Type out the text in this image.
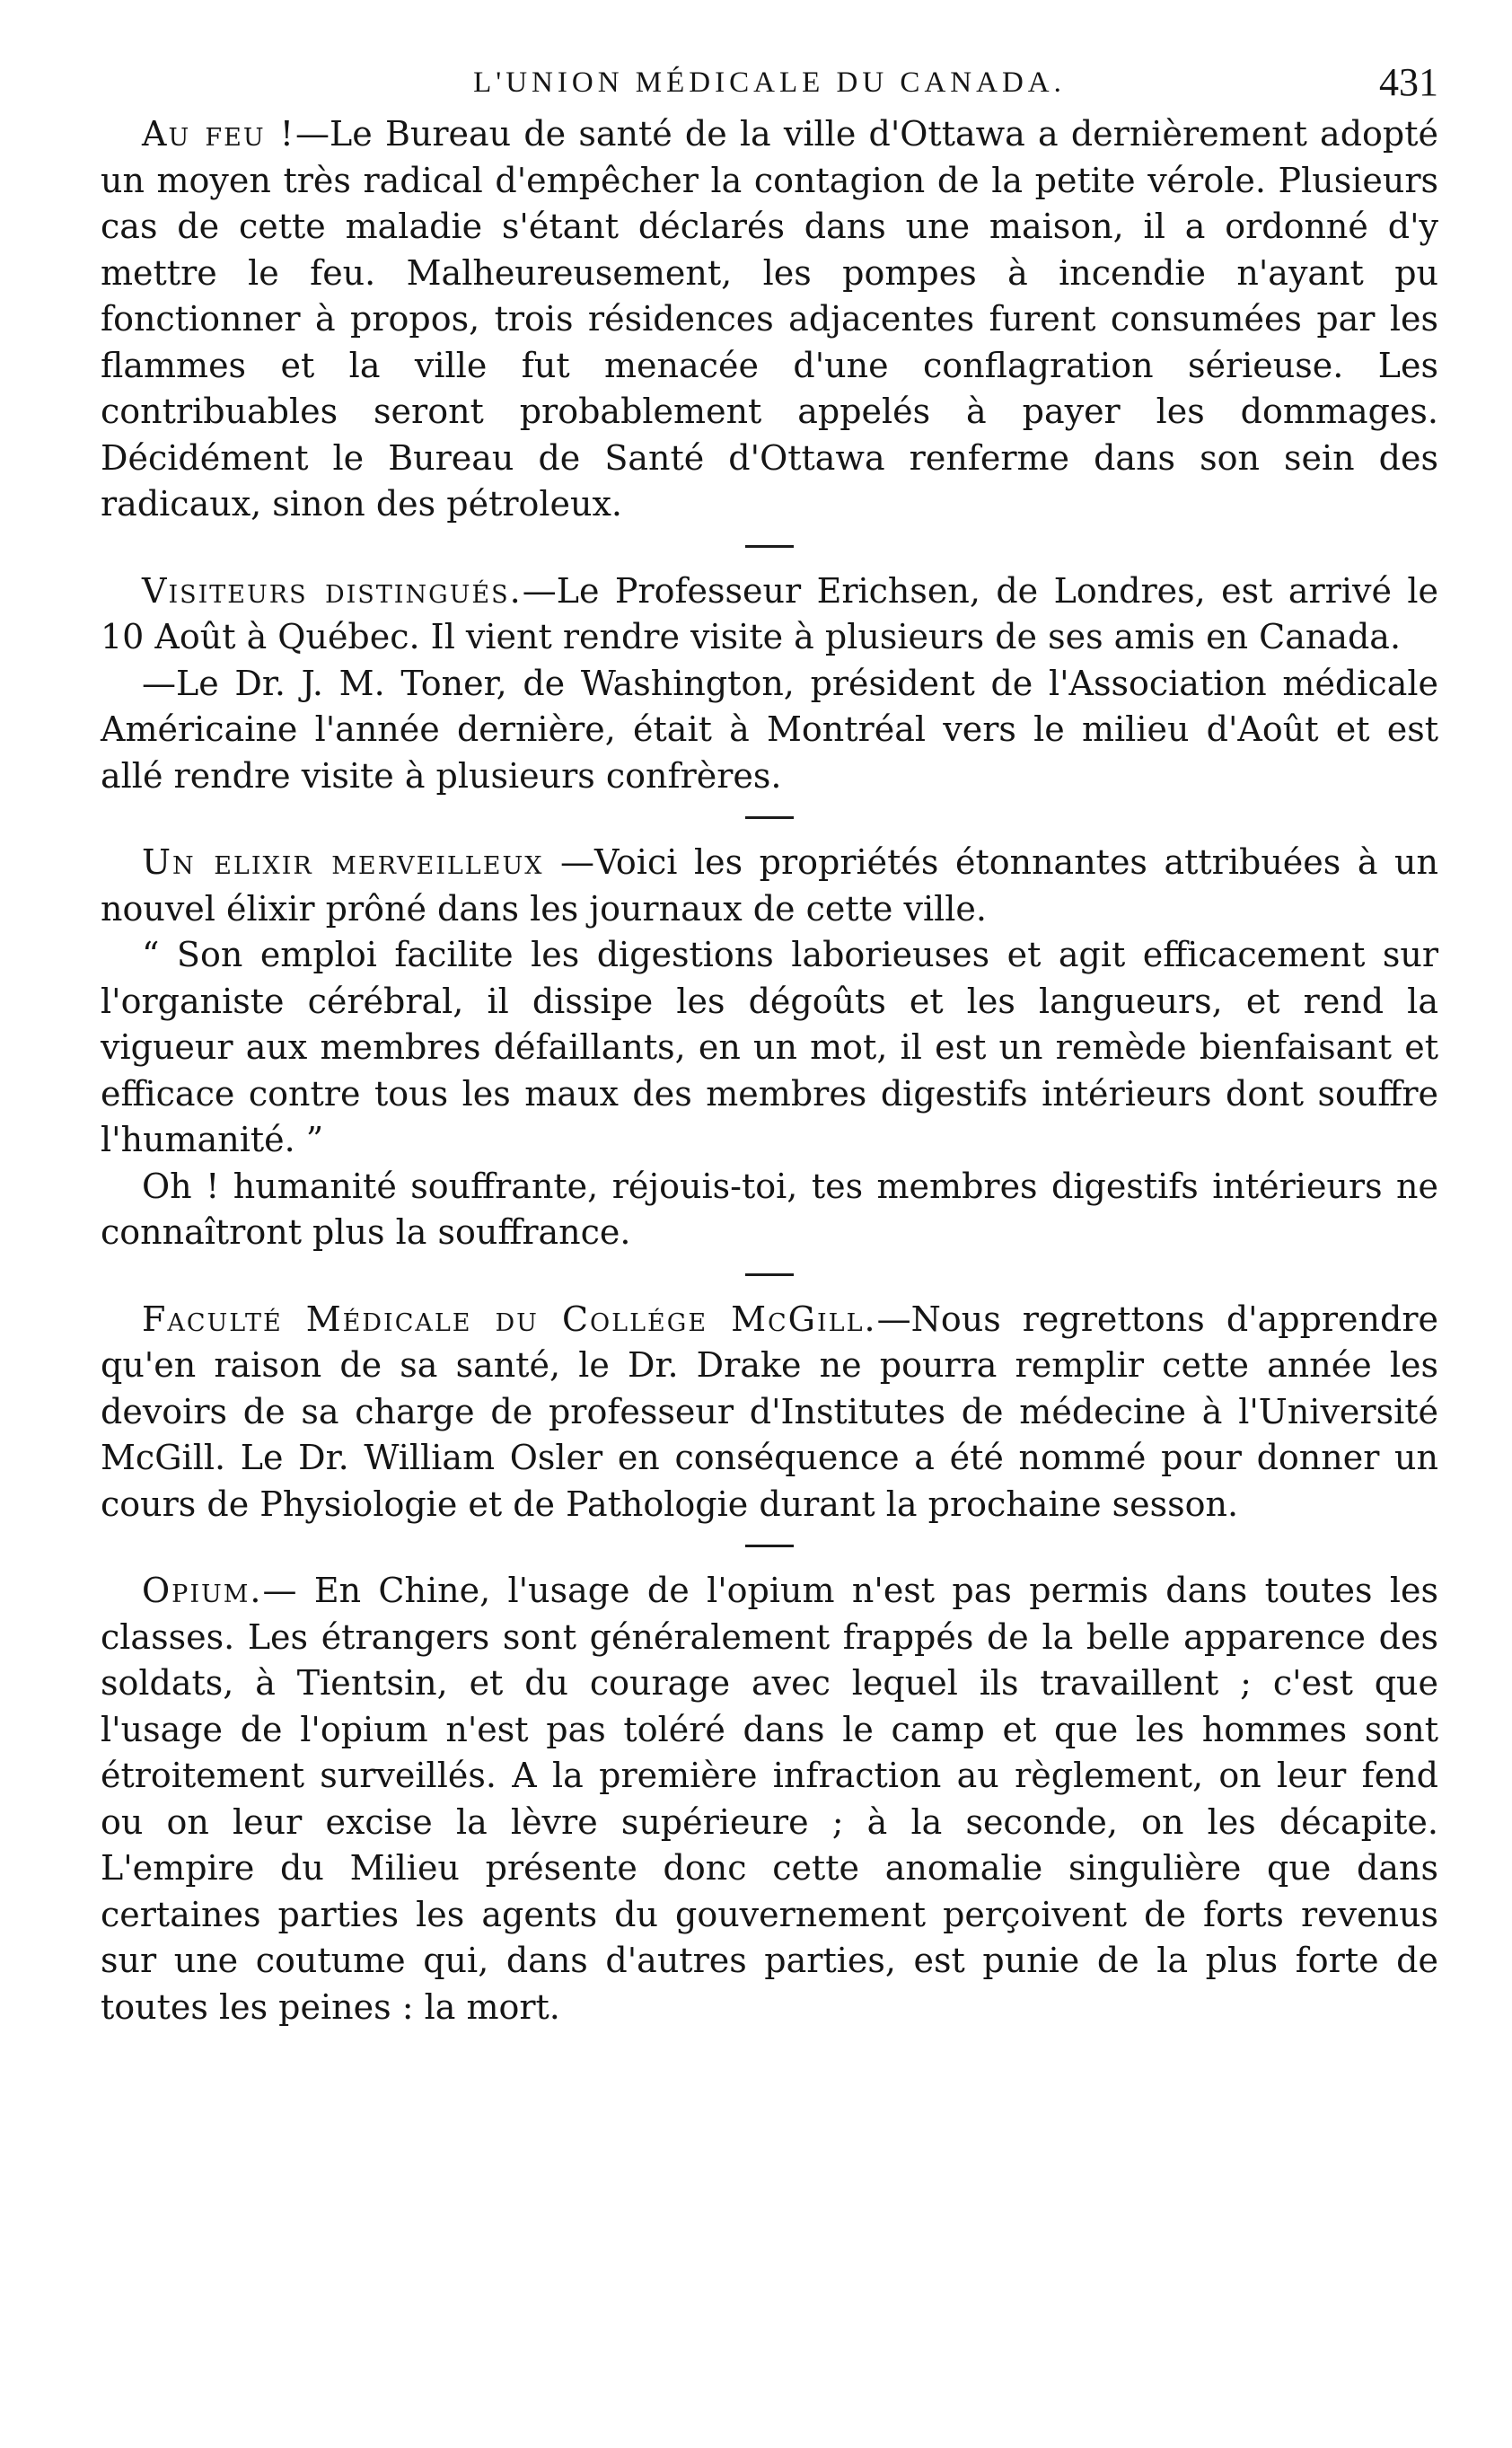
L'UNION MÉDICALE DU CANADA.	431

Au feu !—Le Bureau de santé de la ville d'Ottawa a dernièrement adopté un moyen très radical d'empêcher la contagion de la petite vérole. Plusieurs cas de cette maladie s'étant déclarés dans une maison, il a ordonné d'y mettre le feu. Malheureusement, les pompes à incendie n'ayant pu fonctionner à propos, trois résidences adjacentes furent consumées par les flammes et la ville fut menacée d'une conflagration sérieuse. Les contribuables seront probablement appelés à payer les dommages. Décidément le Bureau de Santé d'Ottawa renferme dans son sein des radicaux, sinon des pétroleux.

Visiteurs distingués.—Le Professeur Erichsen, de Londres, est arrivé le 10 Août à Québec. Il vient rendre visite à plusieurs de ses amis en Canada.

—Le Dr. J. M. Toner, de Washington, président de l'Association médicale Américaine l'année dernière, était à Montréal vers le milieu d'Août et est allé rendre visite à plusieurs confrères.

Un elixir merveilleux —Voici les propriétés étonnantes attribuées à un nouvel élixir prôné dans les journaux de cette ville.

“ Son emploi facilite les digestions laborieuses et agit efficacement sur l'organiste cérébral, il dissipe les dégoûts et les langueurs, et rend la vigueur aux membres défaillants, en un mot, il est un remède bienfaisant et efficace contre tous les maux des membres digestifs intérieurs dont souffre l'humanité. ”

Oh ! humanité souffrante, réjouis-toi, tes membres digestifs intérieurs ne connaîtront plus la souffrance.

Faculté Médicale du Collége McGill.—Nous regrettons d'apprendre qu'en raison de sa santé, le Dr. Drake ne pourra remplir cette année les devoirs de sa charge de professeur d'Institutes de médecine à l'Université McGill. Le Dr. William Osler en conséquence a été nommé pour donner un cours de Physiologie et de Pathologie durant la prochaine sesson.

Opium.— En Chine, l'usage de l'opium n'est pas permis dans toutes les classes. Les étrangers sont généralement frappés de la belle apparence des soldats, à Tientsin, et du courage avec lequel ils travaillent ; c'est que l'usage de l'opium n'est pas toléré dans le camp et que les hommes sont étroitement surveillés. A la première infraction au règlement, on leur fend ou on leur excise la lèvre supérieure ; à la seconde, on les décapite. L'empire du Milieu présente donc cette anomalie singulière que dans certaines parties les agents du gouvernement perçoivent de forts revenus sur une coutume qui, dans d'autres parties, est punie de la plus forte de toutes les peines : la mort.
